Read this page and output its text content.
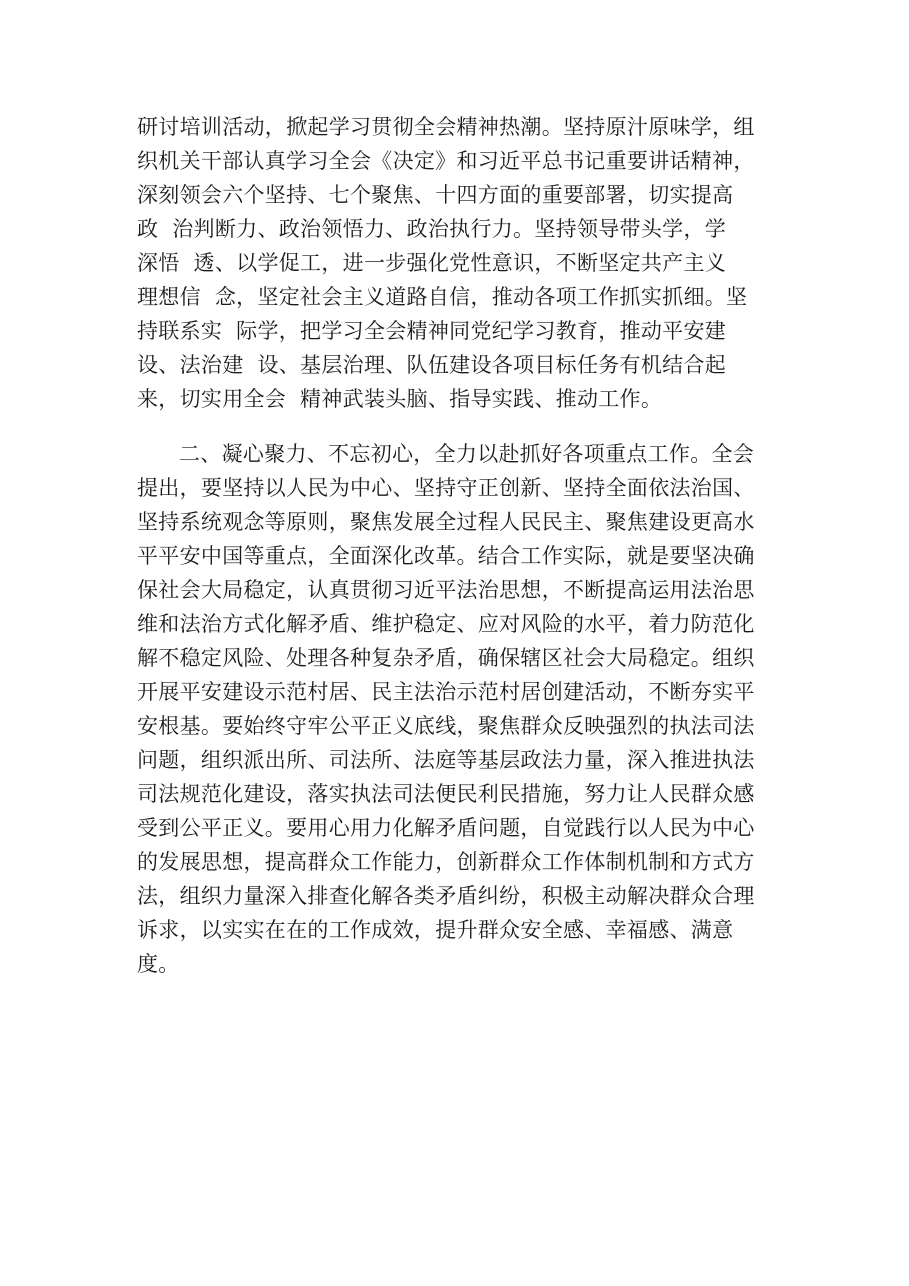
研讨培训活动，掀起学习贯彻全会精神热潮。坚持原汁原味学，组
织机关干部认真学习全会《决定》和习近平总书记重要讲话精神，
深刻领会六个坚持、七个聚焦、十四方面的重要部署，切实提高
政  治判断力、政治领悟力、政治执行力。坚持领导带头学，学
深悟  透、以学促工，进一步强化党性意识，不断坚定共产主义
理想信  念，坚定社会主义道路自信，推动各项工作抓实抓细。坚
持联系实  际学，把学习全会精神同党纪学习教育，推动平安建
设、法治建  设、基层治理、队伍建设各项目标任务有机结合起
来，切实用全会  精神武装头脑、指导实践、推动工作。
二、凝心聚力、不忘初心，全力以赴抓好各项重点工作。全会
提出，要坚持以人民为中心、坚持守正创新、坚持全面依法治国、
坚持系统观念等原则，聚焦发展全过程人民民主、聚焦建设更高水
平平安中国等重点，全面深化改革。结合工作实际，就是要坚决确
保社会大局稳定，认真贯彻习近平法治思想，不断提高运用法治思
维和法治方式化解矛盾、维护稳定、应对风险的水平，着力防范化
解不稳定风险、处理各种复杂矛盾，确保辖区社会大局稳定。组织
开展平安建设示范村居、民主法治示范村居创建活动，不断夯实平
安根基。要始终守牢公平正义底线，聚焦群众反映强烈的执法司法
问题，组织派出所、司法所、法庭等基层政法力量，深入推进执法
司法规范化建设，落实执法司法便民利民措施，努力让人民群众感
受到公平正义。要用心用力化解矛盾问题，自觉践行以人民为中心
的发展思想，提高群众工作能力，创新群众工作体制机制和方式方
法，组织力量深入排查化解各类矛盾纠纷，积极主动解决群众合理
诉求，以实实在在的工作成效，提升群众安全感、幸福感、满意
度。
